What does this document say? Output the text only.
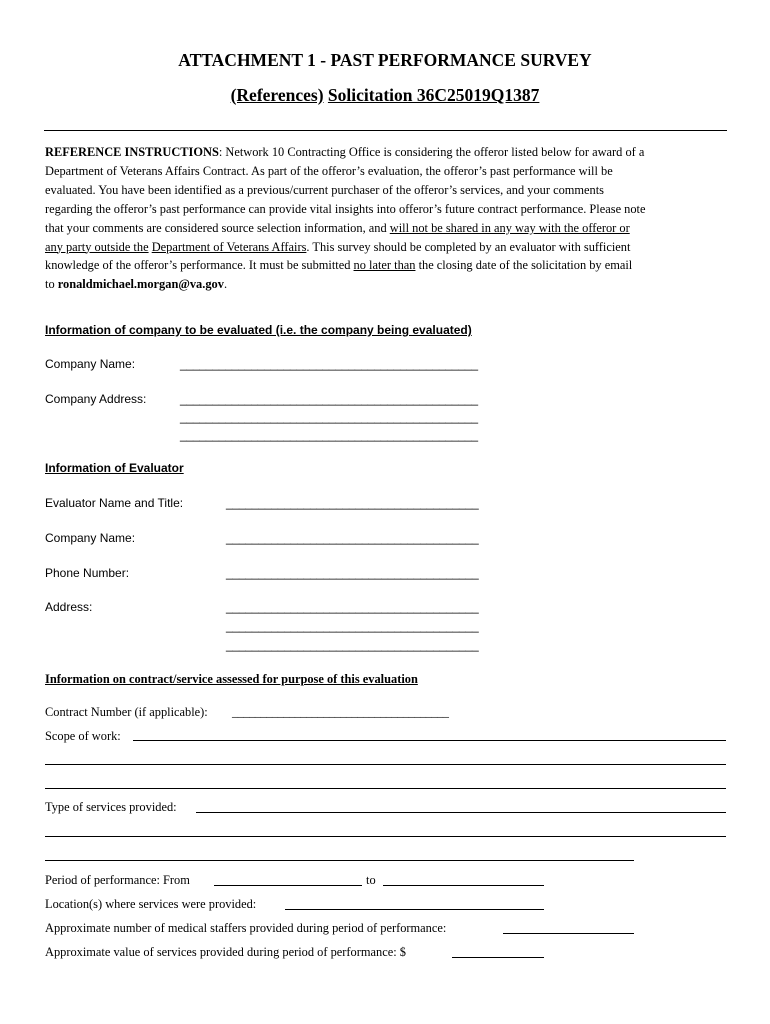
ATTACHMENT 1 - PAST PERFORMANCE SURVEY
(References) Solicitation 36C25019Q1387
REFERENCE INSTRUCTIONS: Network 10 Contracting Office is considering the offeror listed below for award of a
Department of Veterans Affairs Contract. As part of the offeror’s evaluation, the offeror’s past performance will be
evaluated. You have been identified as a previous/current purchaser of the offeror’s services, and your comments
regarding the offeror’s past performance can provide vital insights into offeror’s future contract performance. Please note
that your comments are considered source selection information, and will not be shared in any way with the offeror or
any party outside the Department of Veterans Affairs. This survey should be completed by an evaluator with sufficient
knowledge of the offeror’s performance. It must be submitted no later than the closing date of the solicitation by email
to ronaldmichael.morgan@va.gov.
Information of company to be evaluated (i.e. the company being evaluated)
Company Name:	______________________________________________
Company Address:	______________________________________________
______________________________________________
______________________________________________
Information of Evaluator
Evaluator Name and Title:	_______________________________________
Company Name:	_______________________________________
Phone Number:	_______________________________________
Address:	_______________________________________
_______________________________________
_______________________________________
Information on contract/service assessed for purpose of this evaluation
Contract Number (if applicable): ______________________________________
Scope of work:
Type of services provided:
Period of performance: From	to
Location(s) where services were provided:
Approximate number of medical staffers provided during period of performance:
Approximate value of services provided during period of performance: $
